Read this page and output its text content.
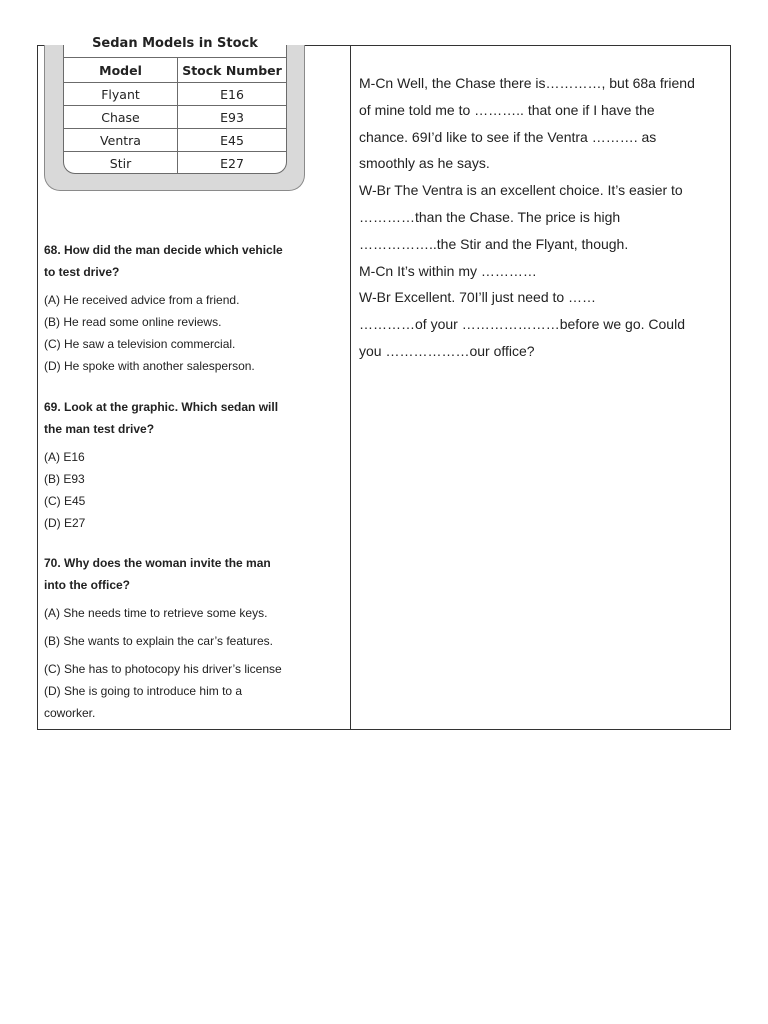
Sedan Models in Stock
Model	Stock Number
Flyant	E16
Chase	E93
Ventra	E45
Stir	E27
68. How did the man decide which vehicle
to test drive?
(A) He received advice from a friend.
(B) He read some online reviews.
(C) He saw a television commercial.
(D) He spoke with another salesperson.
69. Look at the graphic. Which sedan will
the man test drive?
(A) E16
(B) E93
(C) E45
(D) E27
70. Why does the woman invite the man
into the office?
(A) She needs time to retrieve some keys.
(B) She wants to explain the car’s features.
(C) She has to photocopy his driver’s license
(D) She is going to introduce him to a
coworker.
M-Cn Well, the Chase there is…………, but 68a friend
of mine told me to ……….. that one if I have the
chance. 69I’d like to see if the Ventra ………. as
smoothly as he says.
W-Br The Ventra is an excellent choice. It’s easier to
…………than the Chase. The price is high
……………..the Stir and the Flyant, though.
M-Cn It’s within my …………
W-Br Excellent. 70I’ll just need to ……
…………of your …………………before we go. Could
you ………………our office?
